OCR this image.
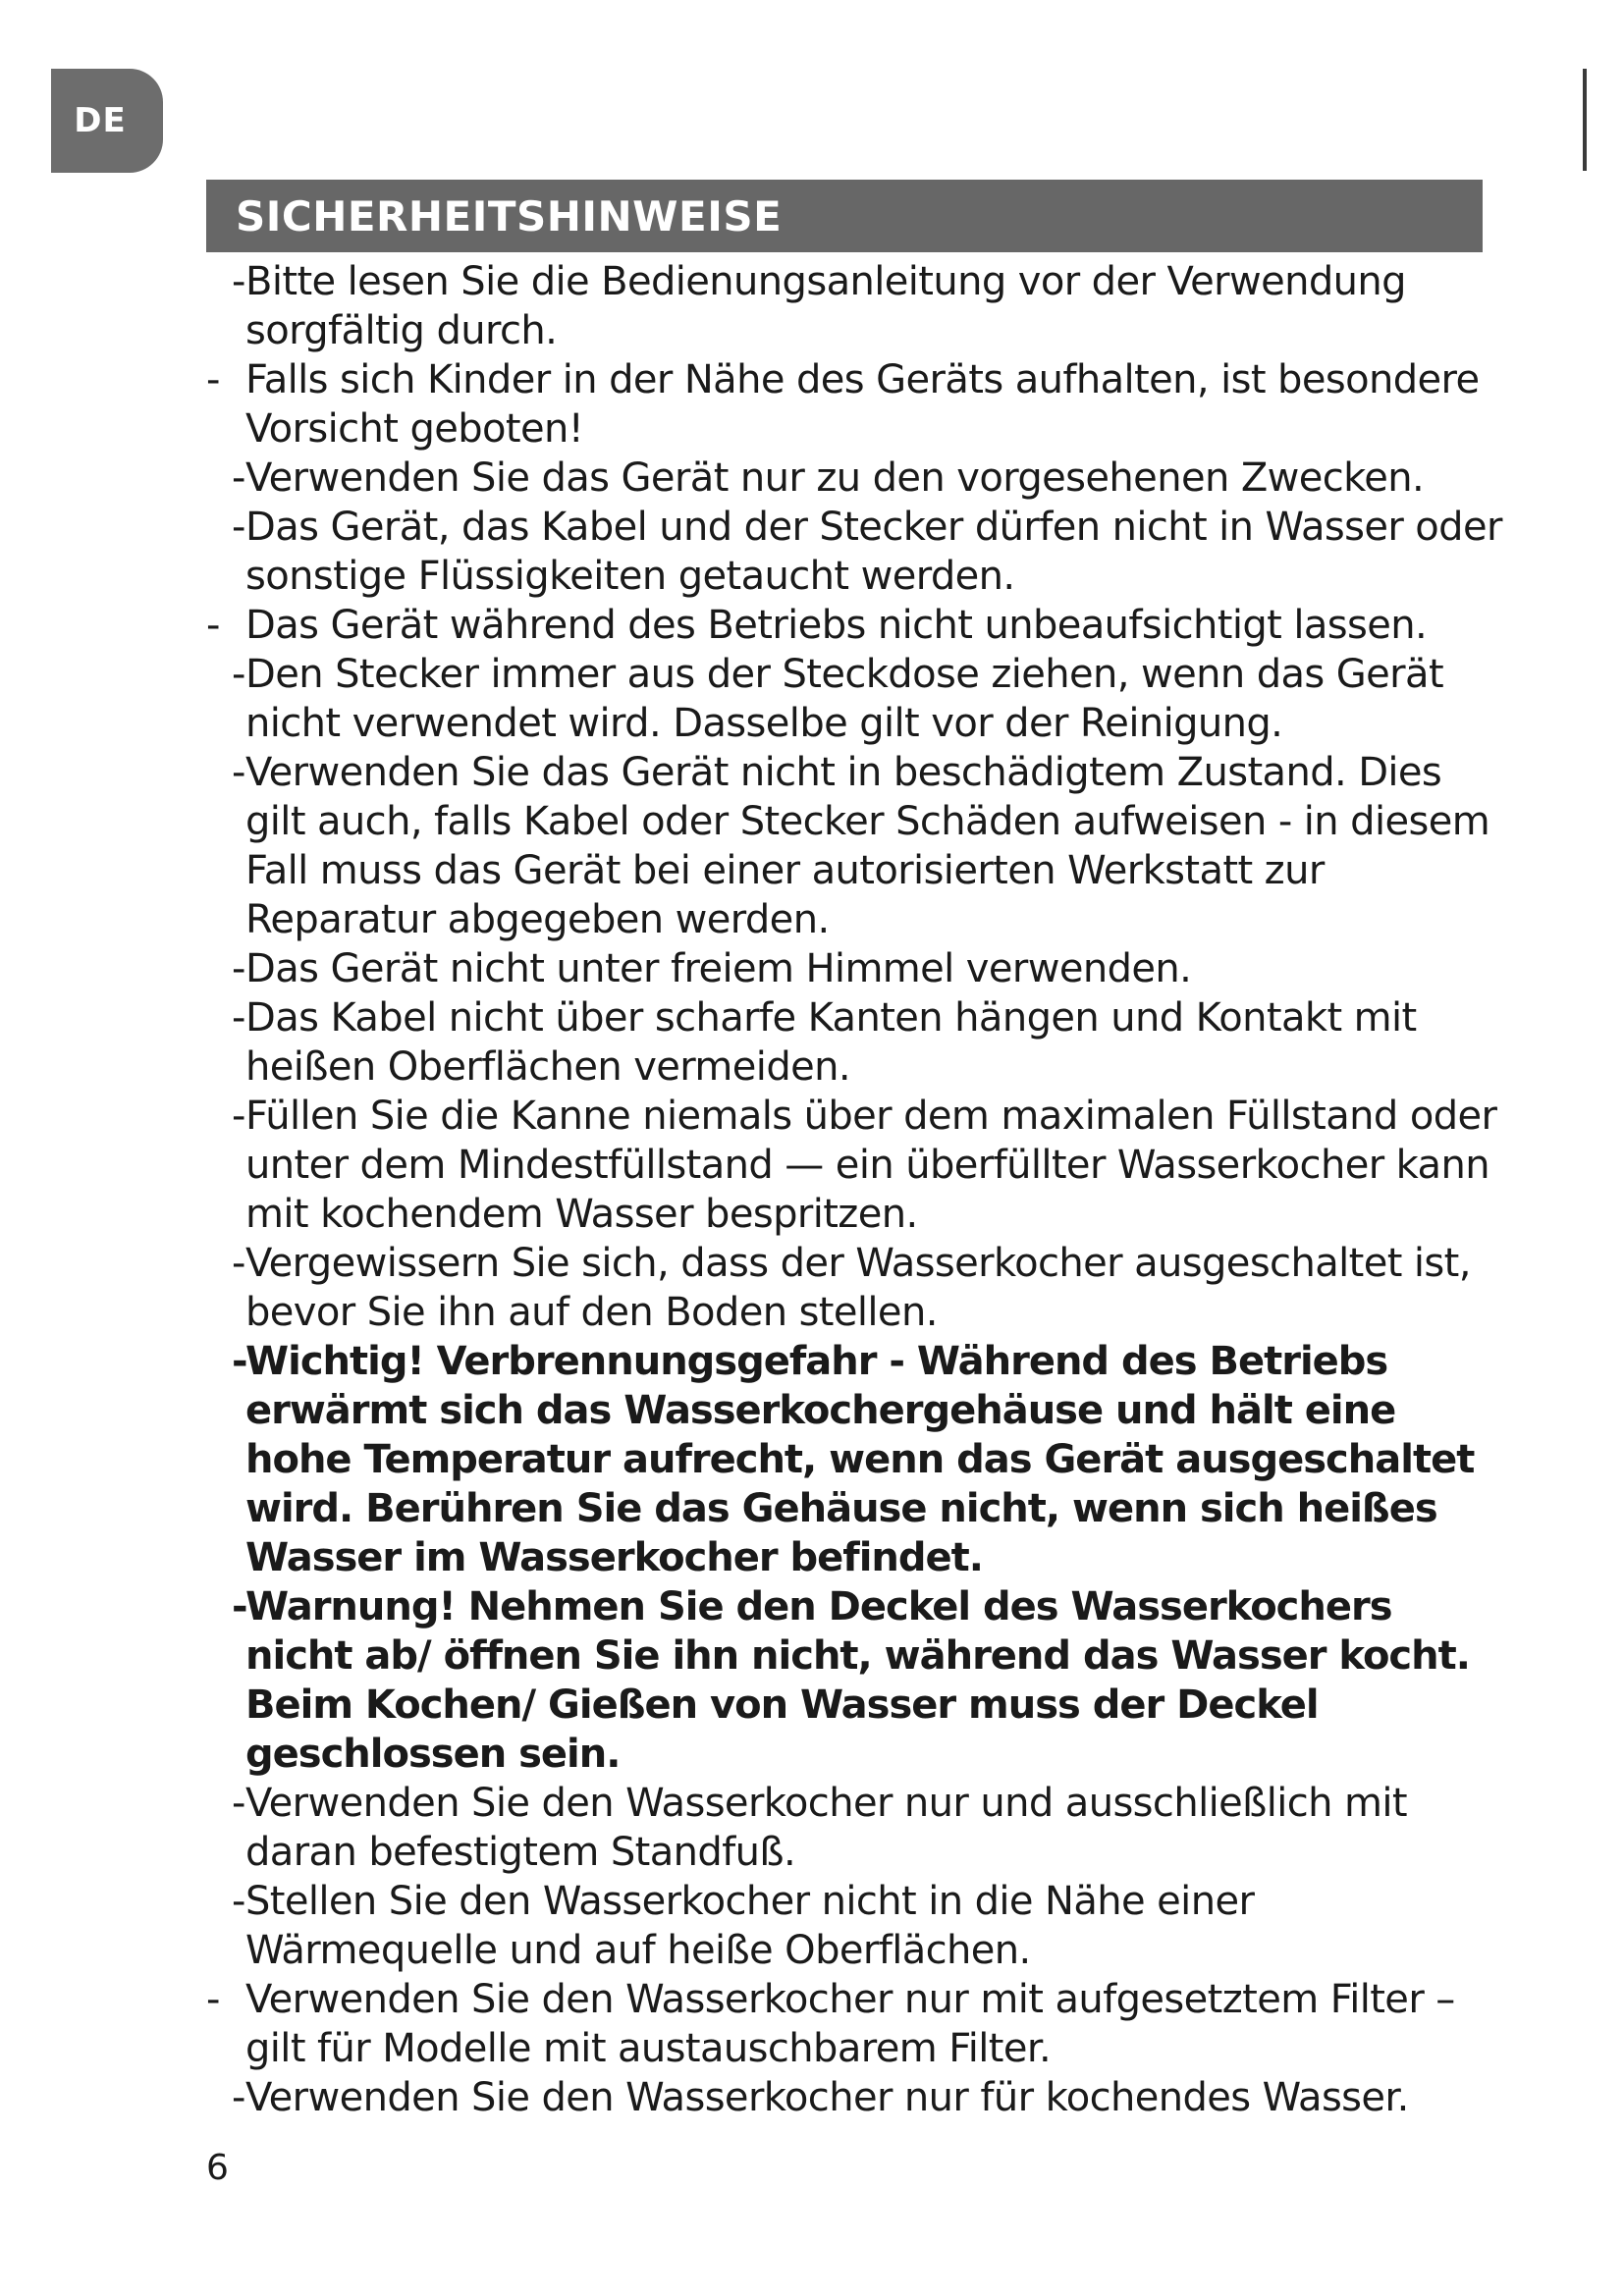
DE
SICHERHEITSHINWEISE

- Bitte lesen Sie die Bedienungsanleitung vor der Verwendung sorgfältig durch.

- Falls sich Kinder in der Nähe des Geräts aufhalten, ist besondere Vorsicht geboten!

- Verwenden Sie das Gerät nur zu den vorgesehenen Zwecken.

- Das Gerät, das Kabel und der Stecker dürfen nicht in Wasser oder sonstige Flüssigkeiten getaucht werden.

- Das Gerät während des Betriebs nicht unbeaufsichtigt lassen.

- Den Stecker immer aus der Steckdose ziehen, wenn das Gerät nicht verwendet wird. Dasselbe gilt vor der Reinigung.

- Verwenden Sie das Gerät nicht in beschädigtem Zustand. Dies gilt auch, falls Kabel oder Stecker Schäden aufweisen - in diesem Fall muss das Gerät bei einer autorisierten Werkstatt zur Reparatur abgegeben werden.

- Das Gerät nicht unter freiem Himmel verwenden.

- Das Kabel nicht über scharfe Kanten hängen und Kontakt mit heißen Oberflächen vermeiden.

- Füllen Sie die Kanne niemals über dem maximalen Füllstand oder unter dem Mindestfüllstand — ein überfüllter Wasserkocher kann mit kochendem Wasser bespritzen.

- Vergewissern Sie sich, dass der Wasserkocher ausgeschaltet ist, bevor Sie ihn auf den Boden stellen.

-
Wichtig! Verbrennungsgefahr - Während des Betriebs erwärmt sich das Wasserkochergehäuse und hält eine hohe Temperatur aufrecht, wenn das Gerät ausgeschaltet wird. Berühren Sie das Gehäuse nicht, wenn sich heißes Wasser im Wasserkocher befindet.

-
Warnung! Nehmen Sie den Deckel des Wasserkochers nicht ab/ öffnen Sie ihn nicht, während das Wasser kocht. Beim Kochen/ Gießen von Wasser muss der Deckel geschlossen sein.

- Verwenden Sie den Wasserkocher nur und ausschließlich mit daran befestigtem Standfuß.

- Stellen Sie den Wasserkocher nicht in die Nähe einer Wärmequelle und auf heiße Oberflächen.

- Verwenden Sie den Wasserkocher nur mit aufgesetztem Filter – gilt für Modelle mit austauschbarem Filter.

- Verwenden Sie den Wasserkocher nur für kochendes Wasser.

6
